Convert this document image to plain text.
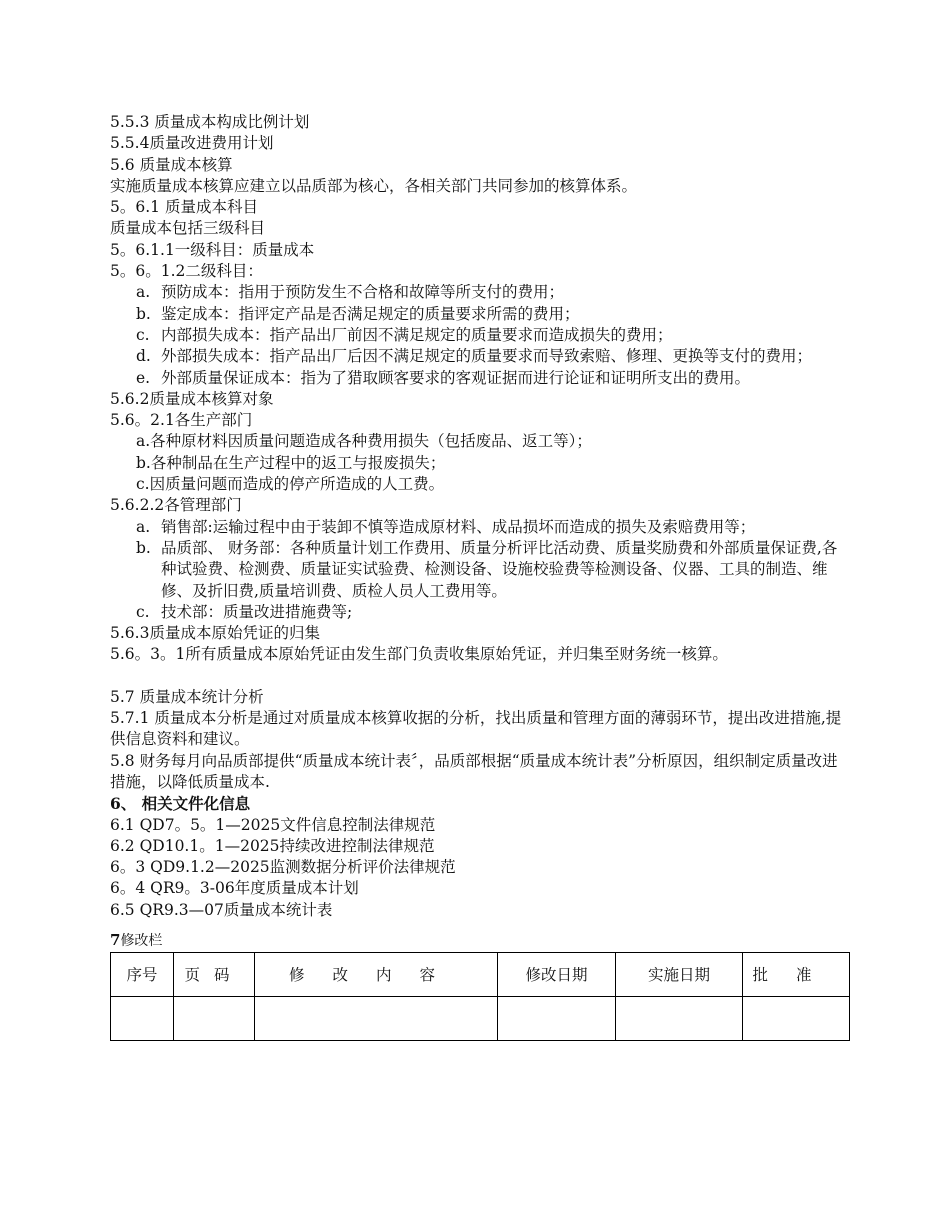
5.5.3 质量成本构成比例计划

5.5.4质量改进费用计划

5.6 质量成本核算

实施质量成本核算应建立以品质部为核心，各相关部门共同参加的核算体系。

5。6.1 质量成本科目

质量成本包括三级科目

5。6.1.1一级科目：质量成本

5。6。1.2二级科目：

a. 预防成本：指用于预防发生不合格和故障等所支付的费用；
b. 鉴定成本：指评定产品是否满足规定的质量要求所需的费用；
c. 内部损失成本：指产品出厂前因不满足规定的质量要求而造成损失的费用；
d. 外部损失成本：指产品出厂后因不满足规定的质量要求而导致索赔、修理、更换等支付的费用；
e. 外部质量保证成本：指为了猎取顾客要求的客观证据而进行论证和证明所支出的费用。

5.6.2质量成本核算对象

5.6。2.1各生产部门

a.各种原材料因质量问题造成各种费用损失（包括废品、返工等）；

b.各种制品在生产过程中的返工与报废损失；

c.因质量问题而造成的停产所造成的人工费。

5.6.2.2各管理部门

a. 销售部:运输过程中由于装卸不慎等造成原材料、成品损坏而造成的损失及索赔费用等；
b. 品质部、 财务部：各种质量计划工作费用、质量分析评比活动费、质量奖励费和外部质量保证费,各种试验费、检测费、质量证实试验费、检测设备、设施校验费等检测设备、仪器、工具的制造、维修、及折旧费,质量培训费、质检人员人工费用等。
c. 技术部：质量改进措施费等;

5.6.3质量成本原始凭证的归集

5.6。3。1所有质量成本原始凭证由发生部门负责收集原始凭证，并归集至财务统一核算。

5.7 质量成本统计分析

5.7.1 质量成本分析是通过对质量成本核算收据的分析，找出质量和管理方面的薄弱环节，提出改进措施,提供信息资料和建议。

5.8 财务每月向品质部提供“质量成本统计表〞，品质部根据“质量成本统计表”分析原因，组织制定质量改进措施，以降低质量成本.

6、 相关文件化信息

6.1 QD7。5。1—2025文件信息控制法律规范

6.2 QD10.1。1—2025持续改进控制法律规范

6。3 QD9.1.2—2025监测数据分析评价法律规范

6。4 QR9。3-06年度质量成本计划

6.5 QR9.3—07质量成本统计表

7修改栏
序号	页码	修改内容	修改日期	实施日期	批准
